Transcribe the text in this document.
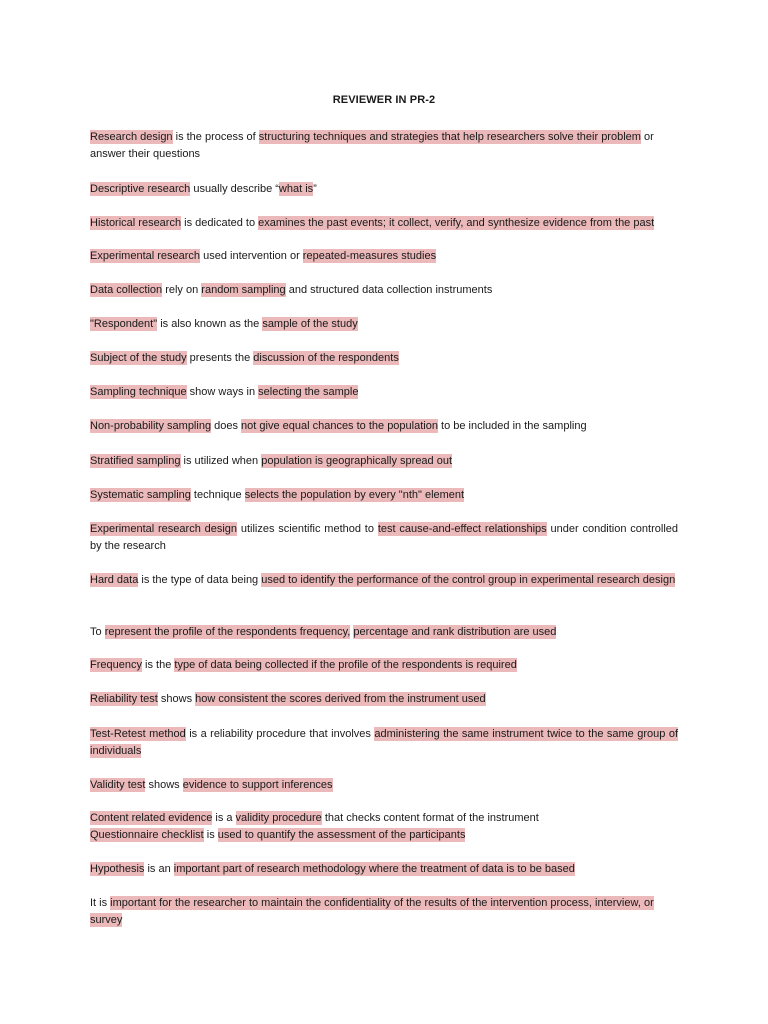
REVIEWER IN PR-2

Research design is the process of structuring techniques and strategies that help researchers solve their problem or answer their questions

Descriptive research usually describe “what is”

Historical research is dedicated to examines the past events; it collect, verify, and synthesize evidence from the past

Experimental research used intervention or repeated-measures studies

Data collection rely on random sampling and structured data collection instruments

"Respondent" is also known as the sample of the study

Subject of the study presents the discussion of the respondents

Sampling technique show ways in selecting the sample

Non-probability sampling does not give equal chances to the population to be included in the sampling

Stratified sampling is utilized when population is geographically spread out

Systematic sampling technique selects the population by every "nth" element

Experimental research design utilizes scientific method to test cause-and-effect relationships under condition controlled by the research

Hard data is the type of data being used to identify the performance of the control group in experimental research design

To represent the profile of the respondents frequency, percentage and rank distribution are used

Frequency is the type of data being collected if the profile of the respondents is required

Reliability test shows how consistent the scores derived from the instrument used

Test-Retest method is a reliability procedure that involves administering the same instrument twice to the same group of individuals

Validity test shows evidence to support inferences

Content related evidence is a validity procedure that checks content format of the instrument
Questionnaire checklist is used to quantify the assessment of the participants

Hypothesis is an important part of research methodology where the treatment of data is to be based

It is important for the researcher to maintain the confidentiality of the results of the intervention process, interview, or survey
